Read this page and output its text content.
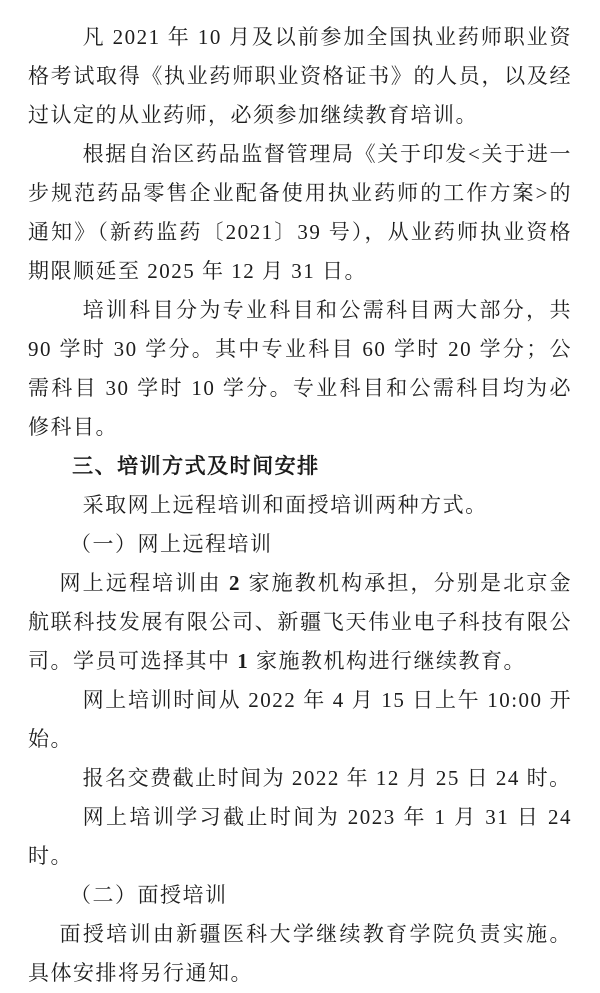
凡 2021 年 10 月及以前参加全国执业药师职业资格考试取得《执业药师职业资格证书》的人员，以及经过认定的从业药师，必须参加继续教育培训。

根据自治区药品监督管理局《关于印发<关于进一步规范药品零售企业配备使用执业药师的工作方案>的通知》（新药监药〔2021〕39 号），从业药师执业资格期限顺延至 2025 年 12 月 31 日。

培训科目分为专业科目和公需科目两大部分，共 90 学时 30 学分。其中专业科目 60 学时 20 学分；公需科目 30 学时 10 学分。专业科目和公需科目均为必修科目。

三、培训方式及时间安排

采取网上远程培训和面授培训两种方式。

（一）网上远程培训

网上远程培训由 2 家施教机构承担，分别是北京金航联科技发展有限公司、新疆飞天伟业电子科技有限公司。学员可选择其中 1 家施教机构进行继续教育。

网上培训时间从 2022 年 4 月 15 日上午 10:00 开始。

报名交费截止时间为 2022 年 12 月 25 日 24 时。

网上培训学习截止时间为 2023 年 1 月 31 日 24 时。

（二）面授培训

面授培训由新疆医科大学继续教育学院负责实施。具体安排将另行通知。
